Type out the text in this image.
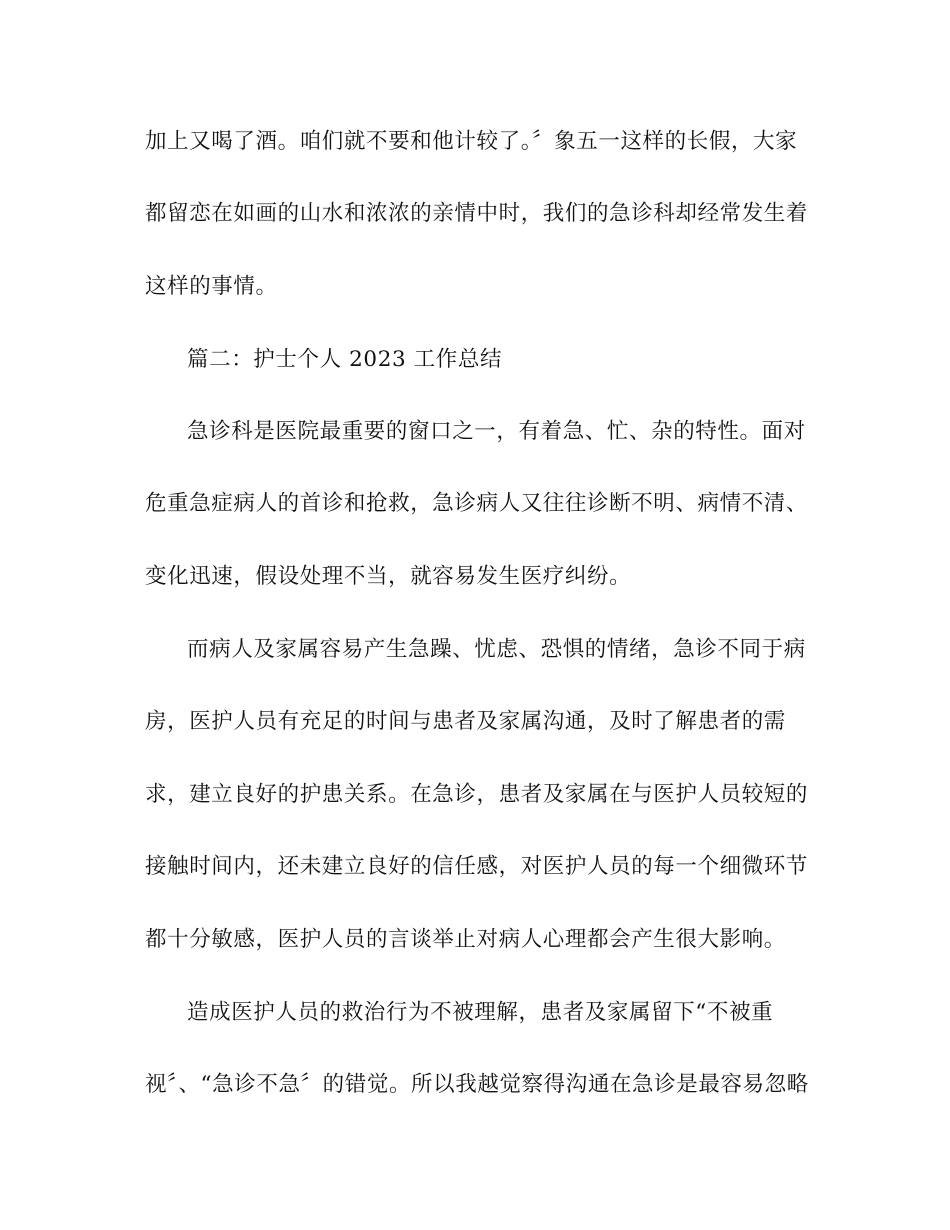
加上又喝了酒。咱们就不要和他计较了。〞象五一这样的长假，大家
都留恋在如画的山水和浓浓的亲情中时，我们的急诊科却经常发生着
这样的事情。
篇二：护士个人 2023 工作总结
急诊科是医院最重要的窗口之一，有着急、忙、杂的特性。面对
危重急症病人的首诊和抢救，急诊病人又往往诊断不明、病情不清、
变化迅速，假设处理不当，就容易发生医疗纠纷。
而病人及家属容易产生急躁、忧虑、恐惧的情绪，急诊不同于病
房，医护人员有充足的时间与患者及家属沟通，及时了解患者的需
求，建立良好的护患关系。在急诊，患者及家属在与医护人员较短的
接触时间内，还未建立良好的信任感，对医护人员的每一个细微环节
都十分敏感，医护人员的言谈举止对病人心理都会产生很大影响。
造成医护人员的救治行为不被理解，患者及家属留下“不被重
视〞、“急诊不急〞的错觉。所以我越觉察得沟通在急诊是最容易忽略
